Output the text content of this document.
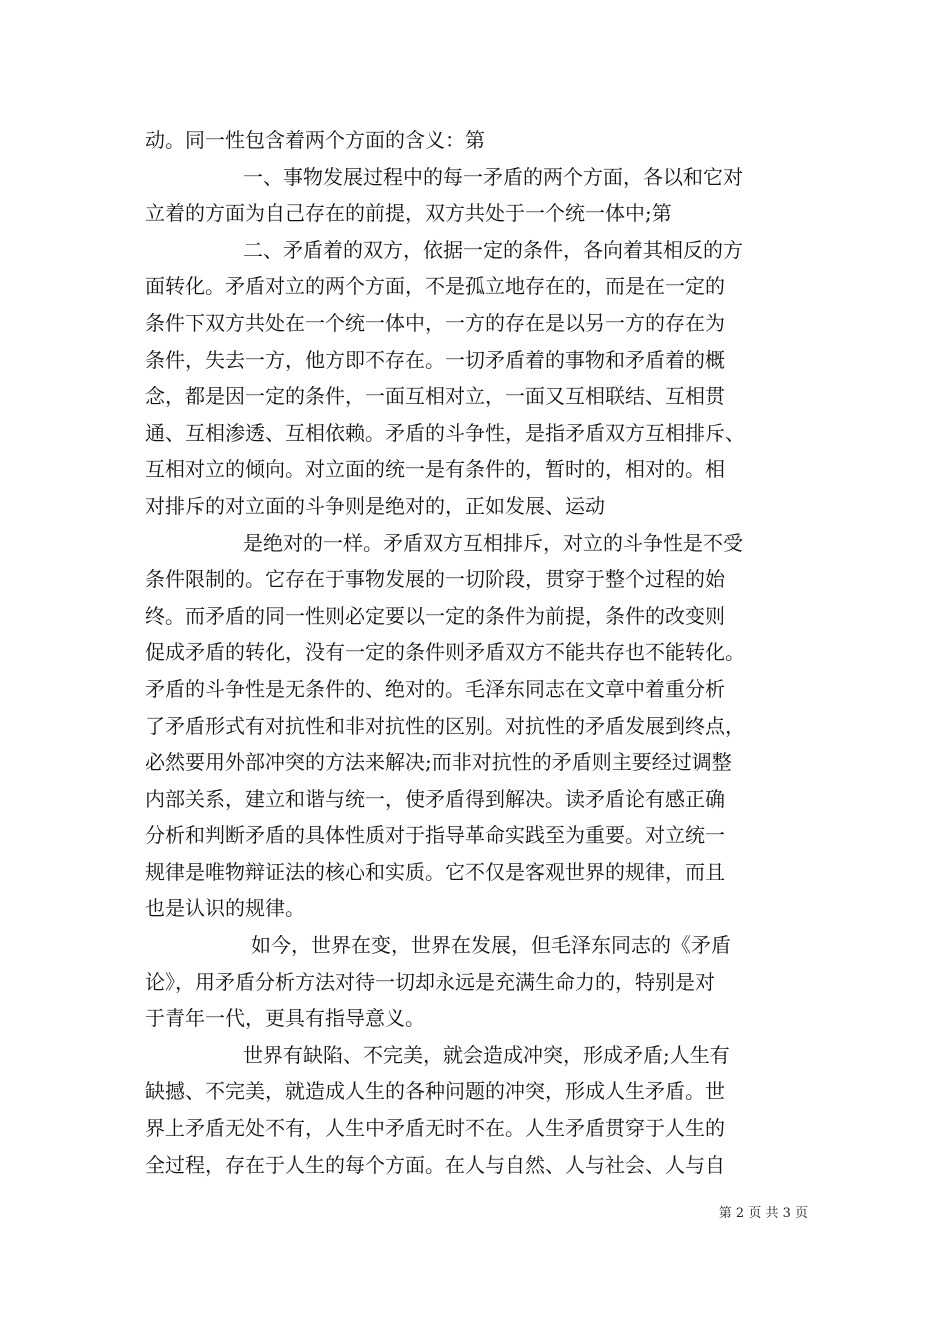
动。同一性包含着两个方面的含义：第
一、事物发展过程中的每一矛盾的两个方面，各以和它对
立着的方面为自己存在的前提，双方共处于一个统一体中;第
二、矛盾着的双方，依据一定的条件，各向着其相反的方
面转化。矛盾对立的两个方面，不是孤立地存在的，而是在一定的
条件下双方共处在一个统一体中，一方的存在是以另一方的存在为
条件，失去一方，他方即不存在。一切矛盾着的事物和矛盾着的概
念，都是因一定的条件，一面互相对立，一面又互相联结、互相贯
通、互相渗透、互相依赖。矛盾的斗争性，是指矛盾双方互相排斥、
互相对立的倾向。对立面的统一是有条件的，暂时的，相对的。相
对排斥的对立面的斗争则是绝对的，正如发展、运动
是绝对的一样。矛盾双方互相排斥，对立的斗争性是不受
条件限制的。它存在于事物发展的一切阶段，贯穿于整个过程的始
终。而矛盾的同一性则必定要以一定的条件为前提，条件的改变则
促成矛盾的转化，没有一定的条件则矛盾双方不能共存也不能转化。
矛盾的斗争性是无条件的、绝对的。毛泽东同志在文章中着重分析
了矛盾形式有对抗性和非对抗性的区别。对抗性的矛盾发展到终点，
必然要用外部冲突的方法来解决;而非对抗性的矛盾则主要经过调整
内部关系，建立和谐与统一，使矛盾得到解决。读矛盾论有感正确
分析和判断矛盾的具体性质对于指导革命实践至为重要。对立统一
规律是唯物辩证法的核心和实质。它不仅是客观世界的规律，而且
也是认识的规律。
如今，世界在变，世界在发展，但毛泽东同志的《矛盾
论》，用矛盾分析方法对待一切却永远是充满生命力的，特别是对
于青年一代，更具有指导意义。
世界有缺陷、不完美，就会造成冲突，形成矛盾;人生有
缺撼、不完美，就造成人生的各种问题的冲突，形成人生矛盾。世
界上矛盾无处不有，人生中矛盾无时不在。人生矛盾贯穿于人生的
全过程，存在于人生的每个方面。在人与自然、人与社会、人与自
第 2 页 共 3 页
